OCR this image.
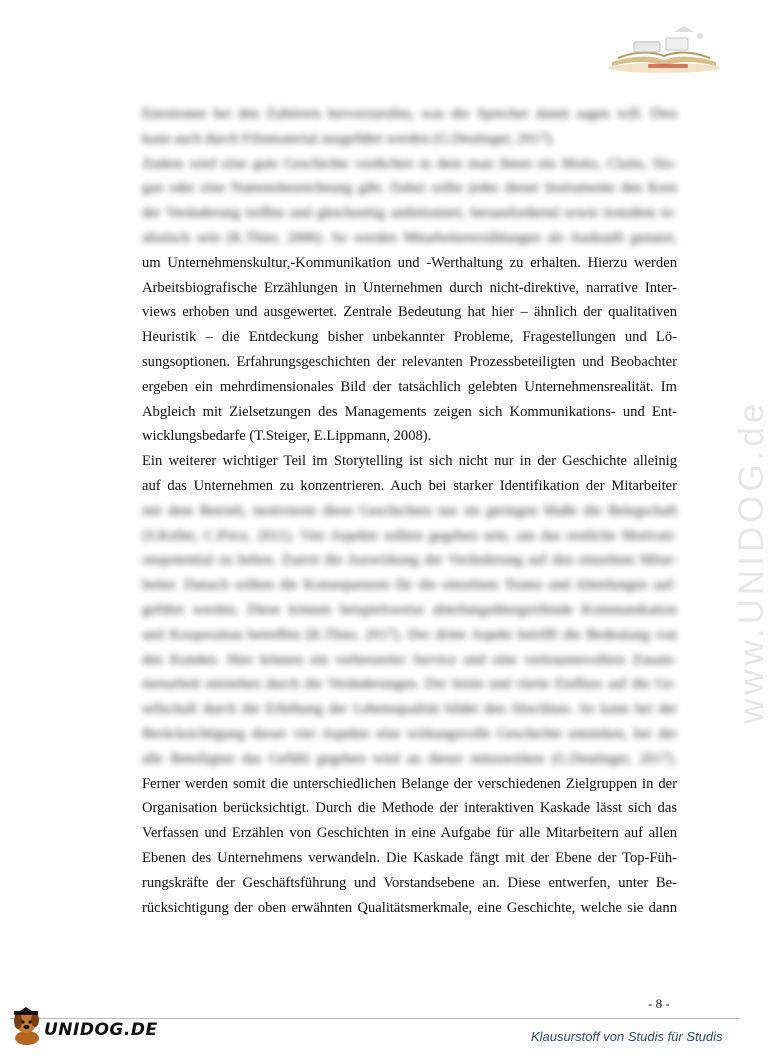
www.UNIDOG.de
Emotionen bei den Zuhörern hervorzurufen, was der Sprecher damit sagen will. Dies
kann auch durch Filmmaterial ausgeführt werden (G.Deutinger, 2017).
Zudem wird eine gute Geschichte verdichtet in dem man ihnen ein Motto, Claim, Slo-
gan oder eine Namensbezeichnung gibt. Dabei sollte jedes dieser Instrumente den Kern
der Veränderung treffen und gleichzeitig ambitioniert, herausfordernd sowie trotzdem re-
alistisch sein (K.Thier, 2006). So werden Mitarbeitererzählungen als Auskunft genutzt,
um Unternehmenskultur,-Kommunikation und -Werthaltung zu erhalten. Hierzu werden
Arbeitsbiografische Erzählungen in Unternehmen durch nicht-direktive, narrative Inter-
views erhoben und ausgewertet. Zentrale Bedeutung hat hier – ähnlich der qualitativen
Heuristik – die Entdeckung bisher unbekannter Probleme, Fragestellungen und Lö-
sungsoptionen. Erfahrungsgeschichten der relevanten Prozessbeteiligten und Beobachter
ergeben ein mehrdimensionales Bild der tatsächlich gelebten Unternehmensrealität. Im
Abgleich mit Zielsetzungen des Managements zeigen sich Kommunikations- und Ent-
wicklungsbedarfe (T.Steiger, E.Lippmann, 2008).
Ein weiterer wichtiger Teil im Storytelling ist sich nicht nur in der Geschichte alleinig
auf das Unternehmen zu konzentrieren. Auch bei starker Identifikation der Mitarbeiter
mit dem Betrieb, motivieren diese Geschichten nur im geringen Maße die Belegschaft
(S.Keller, C.Price, 2011). Vier Aspekte sollten gegeben sein, um das restliche Motivati-
onspotential zu heben. Zuerst die Auswirkung der Veränderung auf den einzelnen Mitar-
beiter. Danach sollten die Konsequenzen für die einzelnen Teams und Abteilungen auf-
geführt werden. Diese können beispielsweise abteilungsübergreifende Kommunikation
und Kooperation betreffen (K.Thier, 2017). Der dritte Aspekt betrifft die Bedeutung von
den Kunden. Hier können ein verbesserter Service und eine vertrauensvollere Zusam-
menarbeit entstehen durch die Veränderungen. Der letzte und vierte Einfluss auf die Ge-
sellschaft durch die Erhöhung der Lebensqualität bildet den Abschluss. So kann bei der
Berücksichtigung dieser vier Aspekte eine wirkungsvolle Geschichte entstehen, bei der
alle Beteiligten das Gefühl gegeben wird an dieser mitzuwirken (G.Deutinger, 2017).
Ferner werden somit die unterschiedlichen Belange der verschiedenen Zielgruppen in der
Organisation berücksichtigt. Durch die Methode der interaktiven Kaskade lässt sich das
Verfassen und Erzählen von Geschichten in eine Aufgabe für alle Mitarbeitern auf allen
Ebenen des Unternehmens verwandeln. Die Kaskade fängt mit der Ebene der Top-Füh-
rungskräfte der Geschäftsführung und Vorstandsebene an. Diese entwerfen, unter Be-
rücksichtigung der oben erwähnten Qualitätsmerkmale, eine Geschichte, welche sie dann
- 8 -
UNIDOG.DE	Klausurstoff von Studis für Studis
